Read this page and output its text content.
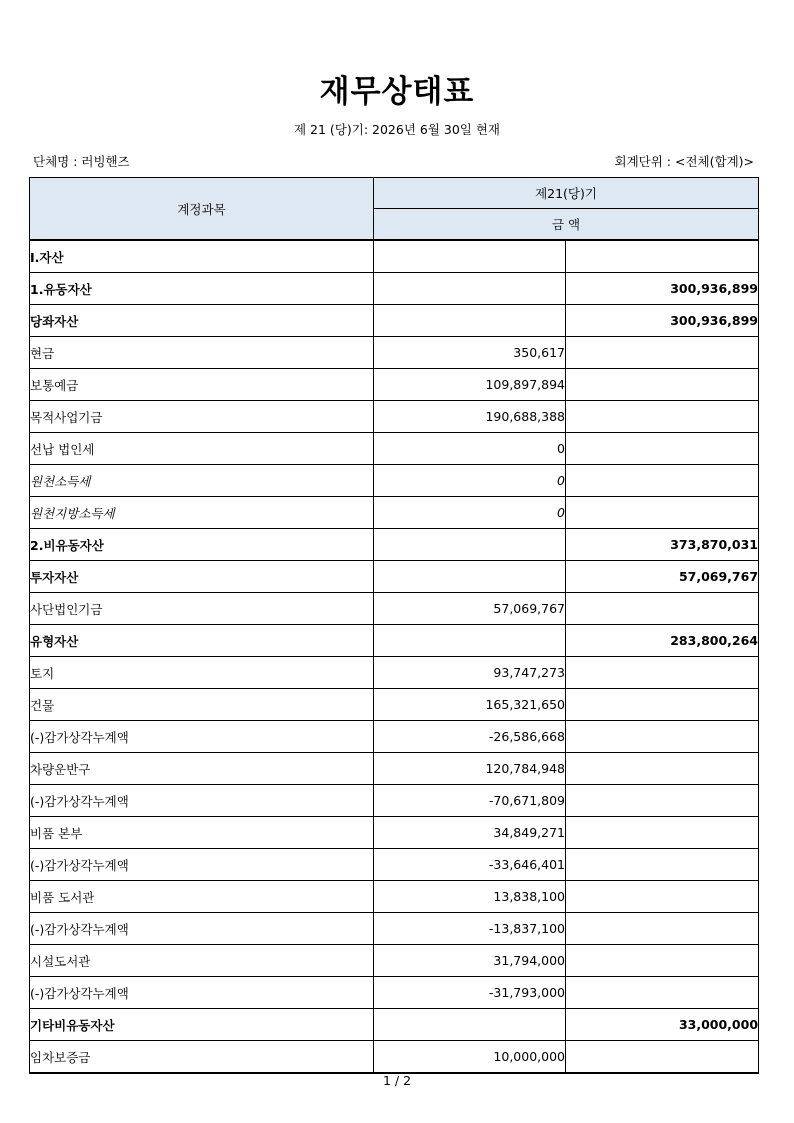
재무상태표
제 21 (당)기: 2026년 6월 30일 현재
단체명 : 러빙핸즈	회계단위 : <전체(합계)>
계정과목	제21(당)기	
	금 액	
I.자산		
1.유동자산		300,936,899
당좌자산		300,936,899
현금	350,617	
보통예금	109,897,894	
목적사업기금	190,688,388	
선납 법인세	0	
원천소득세	0	
원천지방소득세	0	
2.비유동자산		373,870,031
투자자산		57,069,767
사단법인기금	57,069,767	
유형자산		283,800,264
토지	93,747,273	
건물	165,321,650	
(-)감가상각누계액	-26,586,668	
차량운반구	120,784,948	
(-)감가상각누계액	-70,671,809	
비품 본부	34,849,271	
(-)감가상각누계액	-33,646,401	
비품 도서관	13,838,100	
(-)감가상각누계액	-13,837,100	
시설도서관	31,794,000	
(-)감가상각누계액	-31,793,000	
기타비유동자산		33,000,000
임차보증금	10,000,000	
1 / 2
